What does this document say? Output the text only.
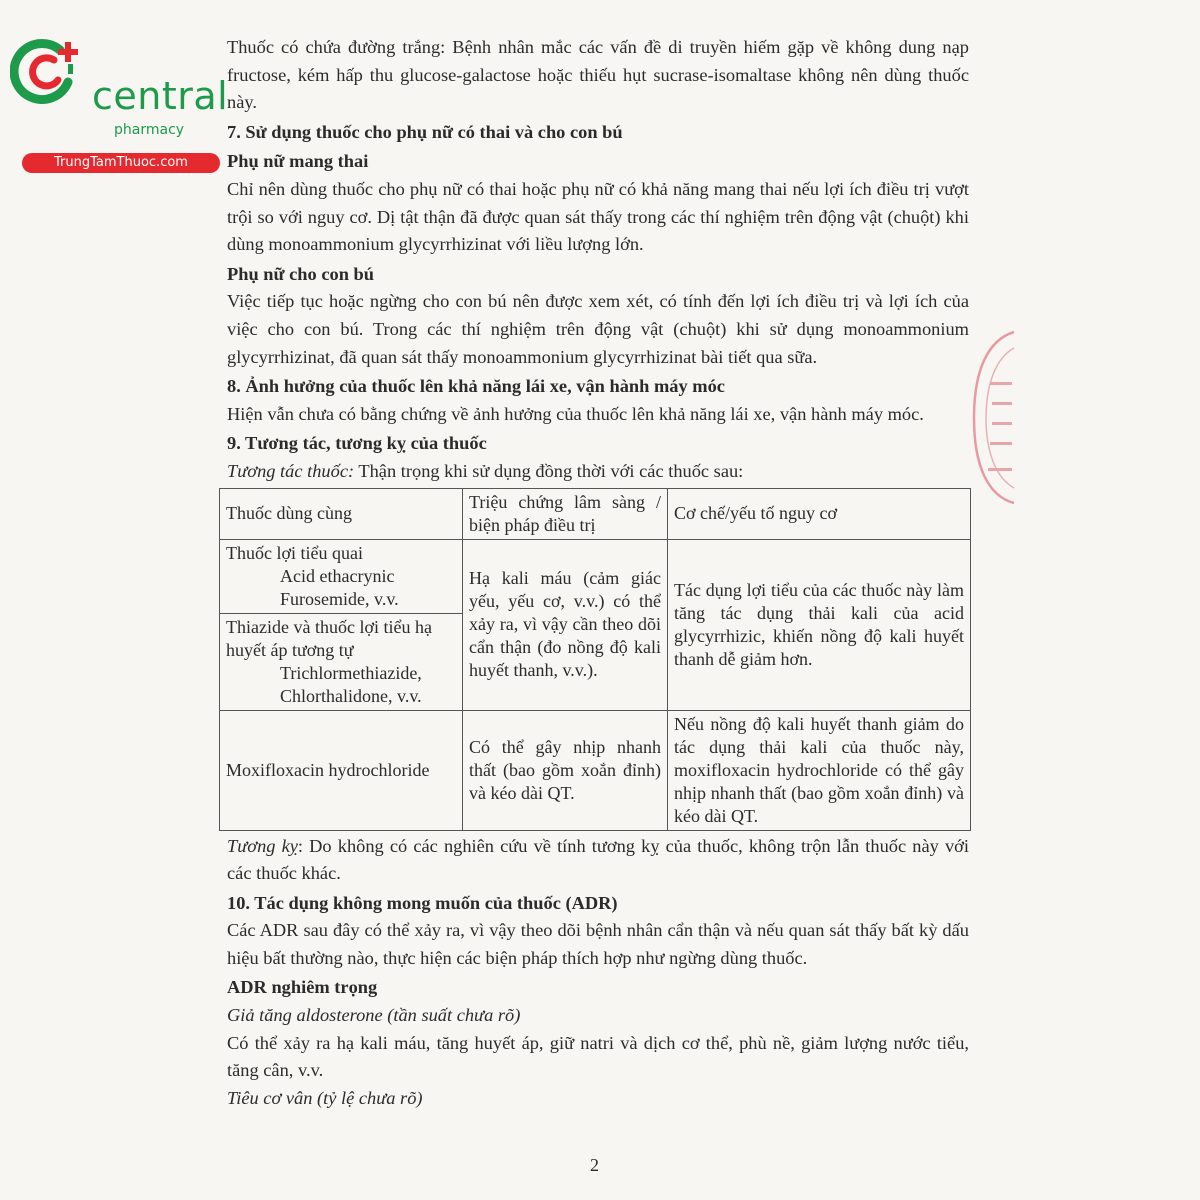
central
pharmacy
TrungTamThuoc.com

Thuốc có chứa đường trắng: Bệnh nhân mắc các vấn đề di truyền hiếm gặp về không dung nạp fructose, kém hấp thu glucose-galactose hoặc thiếu hụt sucrase-isomaltase không nên dùng thuốc này.

7. Sử dụng thuốc cho phụ nữ có thai và cho con bú

Phụ nữ mang thai

Chỉ nên dùng thuốc cho phụ nữ có thai hoặc phụ nữ có khả năng mang thai nếu lợi ích điều trị vượt trội so với nguy cơ. Dị tật thận đã được quan sát thấy trong các thí nghiệm trên động vật (chuột) khi dùng monoammonium glycyrrhizinat với liều lượng lớn.

Phụ nữ cho con bú

Việc tiếp tục hoặc ngừng cho con bú nên được xem xét, có tính đến lợi ích điều trị và lợi ích của việc cho con bú. Trong các thí nghiệm trên động vật (chuột) khi sử dụng monoammonium glycyrrhizinat, đã quan sát thấy monoammonium glycyrrhizinat bài tiết qua sữa.

8. Ảnh hưởng của thuốc lên khả năng lái xe, vận hành máy móc

Hiện vẫn chưa có bằng chứng về ảnh hưởng của thuốc lên khả năng lái xe, vận hành máy móc.

9. Tương tác, tương kỵ của thuốc

Tương tác thuốc: Thận trọng khi sử dụng đồng thời với các thuốc sau:

Thuốc dùng cùng	Triệu chứng lâm sàng / biện pháp điều trị	Cơ chế/yếu tố nguy cơ
Thuốc lợi tiểu quai
Acid ethacrynic
Furosemide, v.v.	Hạ kali máu (cảm giác yếu, yếu cơ, v.v.) có thể xảy ra, vì vậy cần theo dõi cẩn thận (đo nồng độ kali huyết thanh, v.v.).	Tác dụng lợi tiểu của các thuốc này làm tăng tác dụng thải kali của acid glycyrrhizic, khiến nồng độ kali huyết thanh dễ giảm hơn.
Thiazide và thuốc lợi tiểu hạ huyết áp tương tự
Trichlormethiazide,
Chlorthalidone, v.v.		

Moxifloxacin hydrochloride	Có thể gây nhịp nhanh thất (bao gồm xoắn đỉnh) và kéo dài QT.	Nếu nồng độ kali huyết thanh giảm do tác dụng thải kali của thuốc này, moxifloxacin hydrochloride có thể gây nhịp nhanh thất (bao gồm xoắn đỉnh) và kéo dài QT.

Tương kỵ: Do không có các nghiên cứu về tính tương kỵ của thuốc, không trộn lẫn thuốc này với các thuốc khác.

10. Tác dụng không mong muốn của thuốc (ADR)

Các ADR sau đây có thể xảy ra, vì vậy theo dõi bệnh nhân cẩn thận và nếu quan sát thấy bất kỳ dấu hiệu bất thường nào, thực hiện các biện pháp thích hợp như ngừng dùng thuốc.

ADR nghiêm trọng

Giả tăng aldosterone (tần suất chưa rõ)

Có thể xảy ra hạ kali máu, tăng huyết áp, giữ natri và dịch cơ thể, phù nề, giảm lượng nước tiểu, tăng cân, v.v.

Tiêu cơ vân (tỷ lệ chưa rõ)

2
